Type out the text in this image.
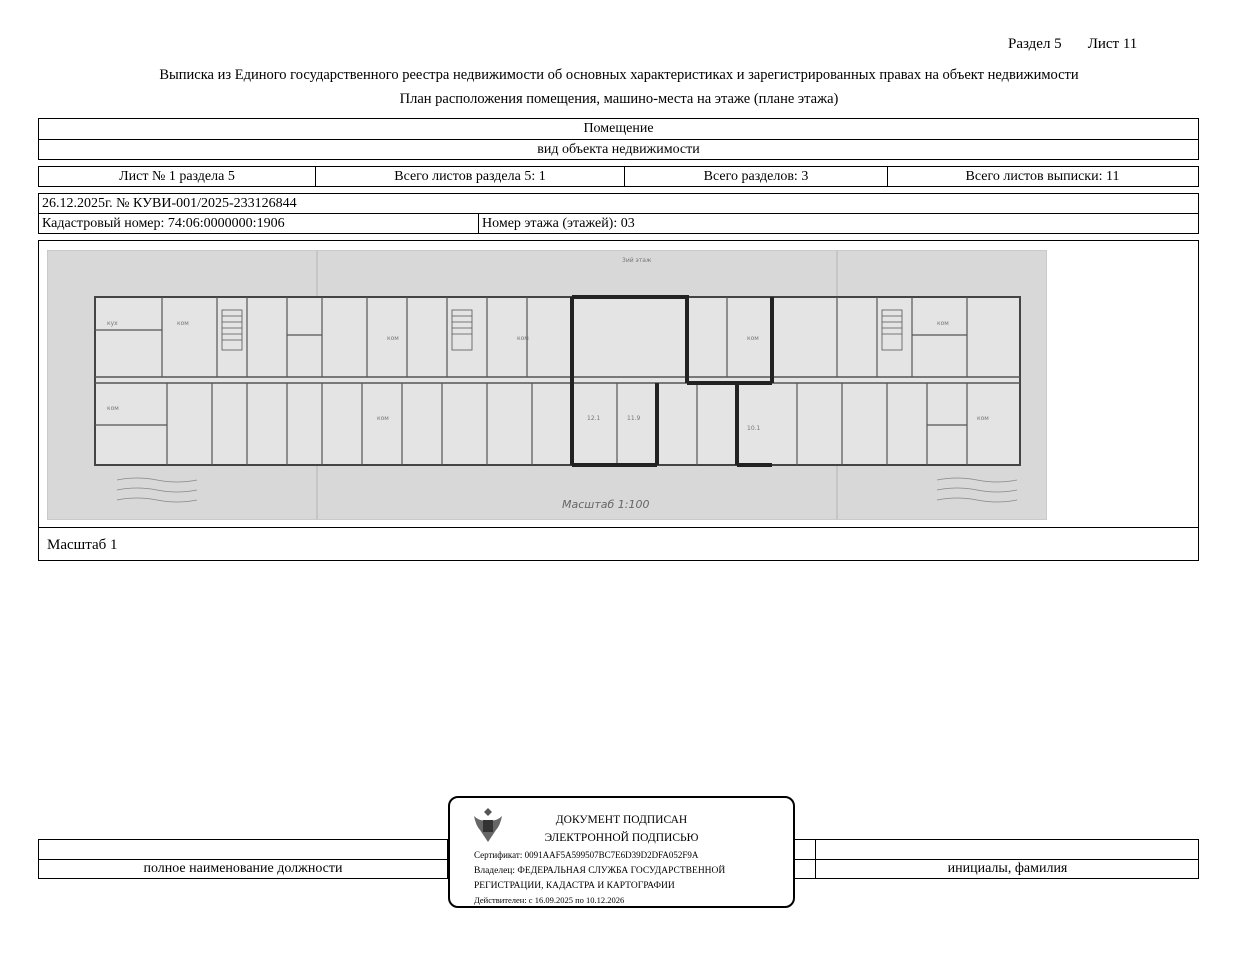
Раздел 5 Лист 11
Выписка из Единого государственного реестра недвижимости об основных характеристиках и зарегистрированных правах на объект недвижимости
План расположения помещения, машино-места на этаже (плане этажа)
Помещение
вид объекта недвижимости
Лист № 1 раздела 5	Всего листов раздела 5: 1	Всего разделов: 3	Всего листов выписки: 11
26.12.2025г. № КУВИ-001/2025-233126844
Кадастровый номер: 74:06:0000000:1906	Номер этажа (этажей): 03
Масштаб 1
3ий этаж
кух	ком
ком	ком	ком
ком
ком
ком	12.1	11.9
10.1
ком
Масштаб 1:100
полное наименование должности	инициалы, фамилия
ДОКУМЕНТ ПОДПИСАН
ЭЛЕКТРОННОЙ ПОДПИСЬЮ
Сертификат: 0091AAF5A599507BC7E6D39D2DFA052F9A
Владелец: ФЕДЕРАЛЬНАЯ СЛУЖБА ГОСУДАРСТВЕННОЙ
РЕГИСТРАЦИИ, КАДАСТРА И КАРТОГРАФИИ
Действителен: с 16.09.2025 по 10.12.2026
